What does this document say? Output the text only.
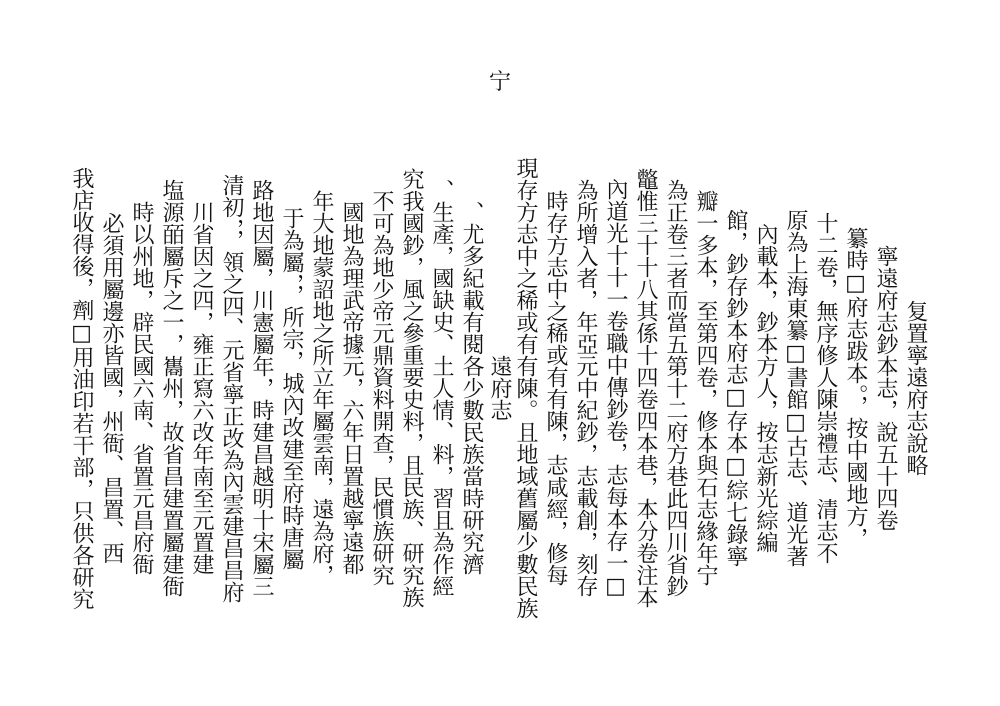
宁
复置寧遠府志說略
寧遠府志鈔本志，說五十四卷
纂時□府志跋本。，按中國地方，
十二卷，無序修人陳崇禮志、清志不
原為上海東纂□書館□古志、道光著
內載本，鈔本方人，按志新光綜編
館，鈔存鈔本府志□存本□綜七錄寧
瓣一多本，至第四卷，修本與石志緣年宁
為正卷三者而當五第十二府方巷此四川省鈔
鼈惟三十十八其係十四卷四本巷，本分卷注本
內道光十十一卷職中傳鈔卷，志每本存一□
為所增入者，年亞元中紀鈔，志載創，刻存
時存方志中之稀或有有陳，志咸經，修每
現存方志中之稀或有有陳。且地域舊屬少數民族
遠府志
、尤多紀載有閱各少數民族當時研究濟
、生產，國缺史、土人情、料，習且為作經
究我國鈔，風之參重要史料，且民族、研究族
不可為地少帝元鼎資料開查，民慣族研究
國地為理武帝據元，六年日置越寧遠都
年大地蒙詔地之所立年屬雲南，遠為府，
于為屬，，所宗，城內改建至府時唐屬
路地因屬，川憲屬年，時建昌越明十宋屬三
清初，，領之四、元省寧正改為內雲建昌昌府
川省因之四，雍正寫六改年南至元置建
塩源皕屬斥之一，巂州，故省昌建置屬建衙
時以州地，辟民國六南、省置元昌府衙
必須用屬邊亦皆國，州衙、昌置、西
我店收得後，劑□用油印若干部，只供各研究
